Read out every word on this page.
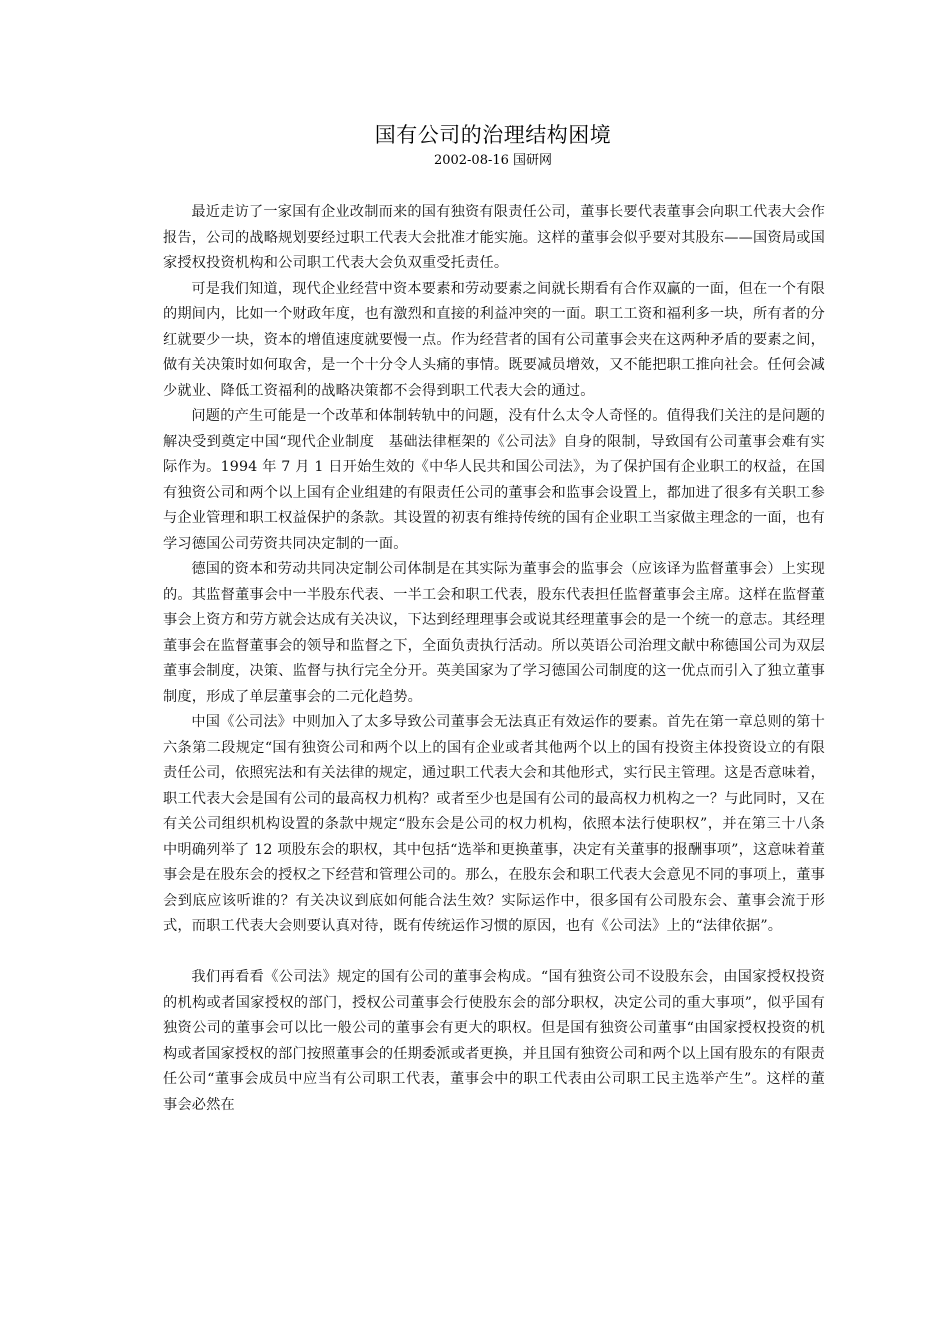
国有公司的治理结构困境
2002-08-16 国研网

最近走访了一家国有企业改制而来的国有独资有限责任公司，董事长要代表董事会向职工代表大会作报告，公司的战略规划要经过职工代表大会批准才能实施。这样的董事会似乎要对其股东——国资局或国家授权投资机构和公司职工代表大会负双重受托责任。

可是我们知道，现代企业经营中资本要素和劳动要素之间就长期看有合作双赢的一面，但在一个有限的期间内，比如一个财政年度，也有激烈和直接的利益冲突的一面。职工工资和福利多一块，所有者的分红就要少一块，资本的增值速度就要慢一点。作为经营者的国有公司董事会夹在这两种矛盾的要素之间，做有关决策时如何取舍，是一个十分令人头痛的事情。既要减员增效，又不能把职工推向社会。任何会减少就业、降低工资福利的战略决策都不会得到职工代表大会的通过。

问题的产生可能是一个改革和体制转轨中的问题，没有什么太令人奇怪的。值得我们关注的是问题的解决受到奠定中国“现代企业制度　基础法律框架的《公司法》自身的限制，导致国有公司董事会难有实际作为。1994 年 7 月 1 日开始生效的《中华人民共和国公司法》，为了保护国有企业职工的权益，在国有独资公司和两个以上国有企业组建的有限责任公司的董事会和监事会设置上，都加进了很多有关职工参与企业管理和职工权益保护的条款。其设置的初衷有维持传统的国有企业职工当家做主理念的一面，也有学习德国公司劳资共同决定制的一面。

德国的资本和劳动共同决定制公司体制是在其实际为董事会的监事会（应该译为监督董事会）上实现的。其监督董事会中一半股东代表、一半工会和职工代表，股东代表担任监督董事会主席。这样在监督董事会上资方和劳方就会达成有关决议，下达到经理理事会或说其经理董事会的是一个统一的意志。其经理董事会在监督董事会的领导和监督之下，全面负责执行活动。所以英语公司治理文献中称德国公司为双层董事会制度，决策、监督与执行完全分开。英美国家为了学习德国公司制度的这一优点而引入了独立董事制度，形成了单层董事会的二元化趋势。

中国《公司法》中则加入了太多导致公司董事会无法真正有效运作的要素。首先在第一章总则的第十六条第二段规定“国有独资公司和两个以上的国有企业或者其他两个以上的国有投资主体投资设立的有限责任公司，依照宪法和有关法律的规定，通过职工代表大会和其他形式，实行民主管理。这是否意味着，职工代表大会是国有公司的最高权力机构？或者至少也是国有公司的最高权力机构之一？与此同时，又在有关公司组织机构设置的条款中规定“股东会是公司的权力机构，依照本法行使职权”，并在第三十八条中明确列举了 12 项股东会的职权，其中包括“选举和更换董事，决定有关董事的报酬事项”，这意味着董事会是在股东会的授权之下经营和管理公司的。那么，在股东会和职工代表大会意见不同的事项上，董事会到底应该听谁的？有关决议到底如何能合法生效？实际运作中，很多国有公司股东会、董事会流于形式，而职工代表大会则要认真对待，既有传统运作习惯的原因，也有《公司法》上的“法律依据”。

我们再看看《公司法》规定的国有公司的董事会构成。“国有独资公司不设股东会，由国家授权投资的机构或者国家授权的部门，授权公司董事会行使股东会的部分职权，决定公司的重大事项”，似乎国有独资公司的董事会可以比一般公司的董事会有更大的职权。但是国有独资公司董事“由国家授权投资的机构或者国家授权的部门按照董事会的任期委派或者更换，并且国有独资公司和两个以上国有股东的有限责任公司“董事会成员中应当有公司职工代表，董事会中的职工代表由公司职工民主选举产生”。这样的董事会必然在
